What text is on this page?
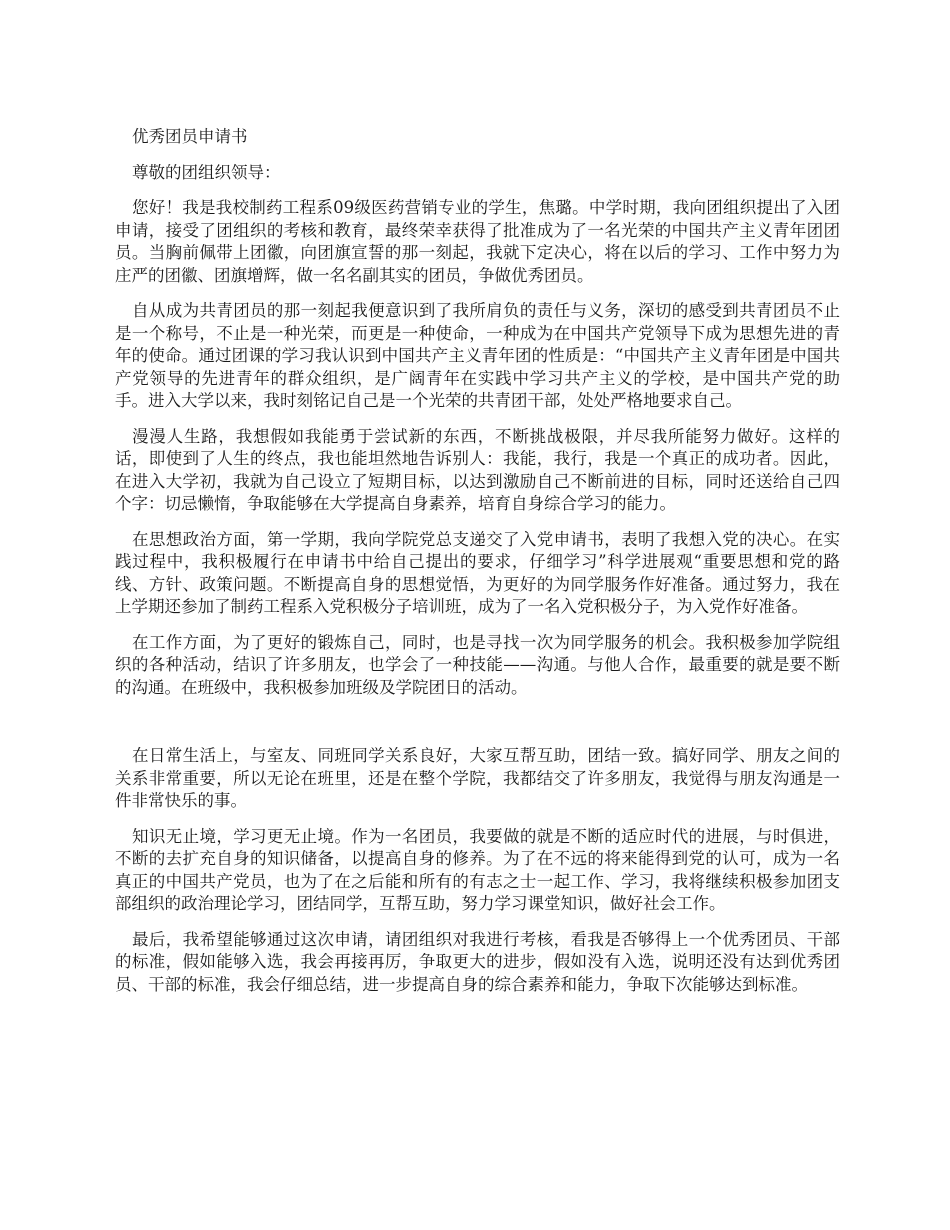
优秀团员申请书

尊敬的团组织领导：

您好！我是我校制药工程系09级医药营销专业的学生，焦璐。中学时期，我向团组织提出了入团申请，接受了团组织的考核和教育，最终荣幸获得了批准成为了一名光荣的中国共产主义青年团团员。当胸前佩带上团徽，向团旗宣誓的那一刻起，我就下定决心，将在以后的学习、工作中努力为庄严的团徽、团旗增辉，做一名名副其实的团员，争做优秀团员。

自从成为共青团员的那一刻起我便意识到了我所肩负的责任与义务，深切的感受到共青团员不止是一个称号，不止是一种光荣，而更是一种使命，一种成为在中国共产党领导下成为思想先进的青年的使命。通过团课的学习我认识到中国共产主义青年团的性质是：“中国共产主义青年团是中国共产党领导的先进青年的群众组织，是广阔青年在实践中学习共产主义的学校，是中国共产党的助手。进入大学以来，我时刻铭记自己是一个光荣的共青团干部，处处严格地要求自己。

漫漫人生路，我想假如我能勇于尝试新的东西，不断挑战极限，并尽我所能努力做好。这样的话，即使到了人生的终点，我也能坦然地告诉别人：我能，我行，我是一个真正的成功者。因此，在进入大学初，我就为自己设立了短期目标，以达到激励自己不断前进的目标，同时还送给自己四个字：切忌懒惰，争取能够在大学提高自身素养，培育自身综合学习的能力。

在思想政治方面，第一学期，我向学院党总支递交了入党申请书，表明了我想入党的决心。在实践过程中，我积极履行在申请书中给自己提出的要求，仔细学习”科学进展观“重要思想和党的路线、方针、政策问题。不断提高自身的思想觉悟，为更好的为同学服务作好准备。通过努力，我在上学期还参加了制药工程系入党积极分子培训班，成为了一名入党积极分子，为入党作好准备。

在工作方面，为了更好的锻炼自己，同时，也是寻找一次为同学服务的机会。我积极参加学院组织的各种活动，结识了许多朋友，也学会了一种技能——沟通。与他人合作，最重要的就是要不断的沟通。在班级中，我积极参加班级及学院团日的活动。

在日常生活上，与室友、同班同学关系良好，大家互帮互助，团结一致。搞好同学、朋友之间的关系非常重要，所以无论在班里，还是在整个学院，我都结交了许多朋友，我觉得与朋友沟通是一件非常快乐的事。

知识无止境，学习更无止境。作为一名团员，我要做的就是不断的适应时代的进展，与时俱进，不断的去扩充自身的知识储备，以提高自身的修养。为了在不远的将来能得到党的认可，成为一名真正的中国共产党员，也为了在之后能和所有的有志之士一起工作、学习，我将继续积极参加团支部组织的政治理论学习，团结同学，互帮互助，努力学习课堂知识，做好社会工作。

最后，我希望能够通过这次申请，请团组织对我进行考核，看我是否够得上一个优秀团员、干部的标准，假如能够入选，我会再接再厉，争取更大的进步，假如没有入选，说明还没有达到优秀团员、干部的标准，我会仔细总结，进一步提高自身的综合素养和能力，争取下次能够达到标准。
